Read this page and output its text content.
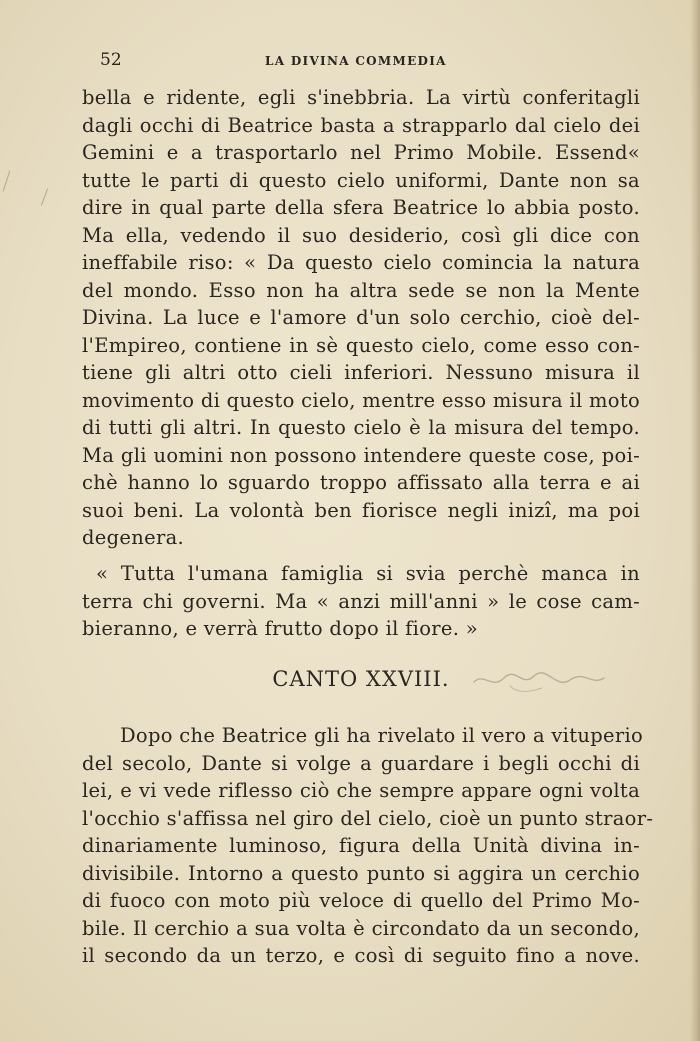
52	LA DIVINA COMMEDIA
bella e ridente, egli s'inebbria. La virtù conferitagli
dagli occhi di Beatrice basta a strapparlo dal cielo dei
Gemini e a trasportarlo nel Primo Mobile. Essend«
tutte le parti di questo cielo uniformi, Dante non sa
dire in qual parte della sfera Beatrice lo abbia posto.
Ma ella, vedendo il suo desiderio, così gli dice con
ineffabile riso: « Da questo cielo comincia la natura
del mondo. Esso non ha altra sede se non la Mente
Divina. La luce e l'amore d'un solo cerchio, cioè del-
l'Empireo, contiene in sè questo cielo, come esso con-
tiene gli altri otto cieli inferiori. Nessuno misura il
movimento di questo cielo, mentre esso misura il moto
di tutti gli altri. In questo cielo è la misura del tempo.
Ma gli uomini non possono intendere queste cose, poi-
chè hanno lo sguardo troppo affissato alla terra e ai
suoi beni. La volontà ben fiorisce negli inizî, ma poi
degenera.
« Tutta l'umana famiglia si svia perchè manca in
terra chi governi. Ma « anzi mill'anni » le cose cam-
bieranno, e verrà frutto dopo il fiore. »
CANTO XXVIII.
Dopo che Beatrice gli ha rivelato il vero a vituperio
del secolo, Dante si volge a guardare i begli occhi di
lei, e vi vede riflesso ciò che sempre appare ogni volta
l'occhio s'affissa nel giro del cielo, cioè un punto straor-
dinariamente luminoso, figura della Unità divina in-
divisibile. Intorno a questo punto si aggira un cerchio
di fuoco con moto più veloce di quello del Primo Mo-
bile. Il cerchio a sua volta è circondato da un secondo,
il secondo da un terzo, e così di seguito fino a nove.
